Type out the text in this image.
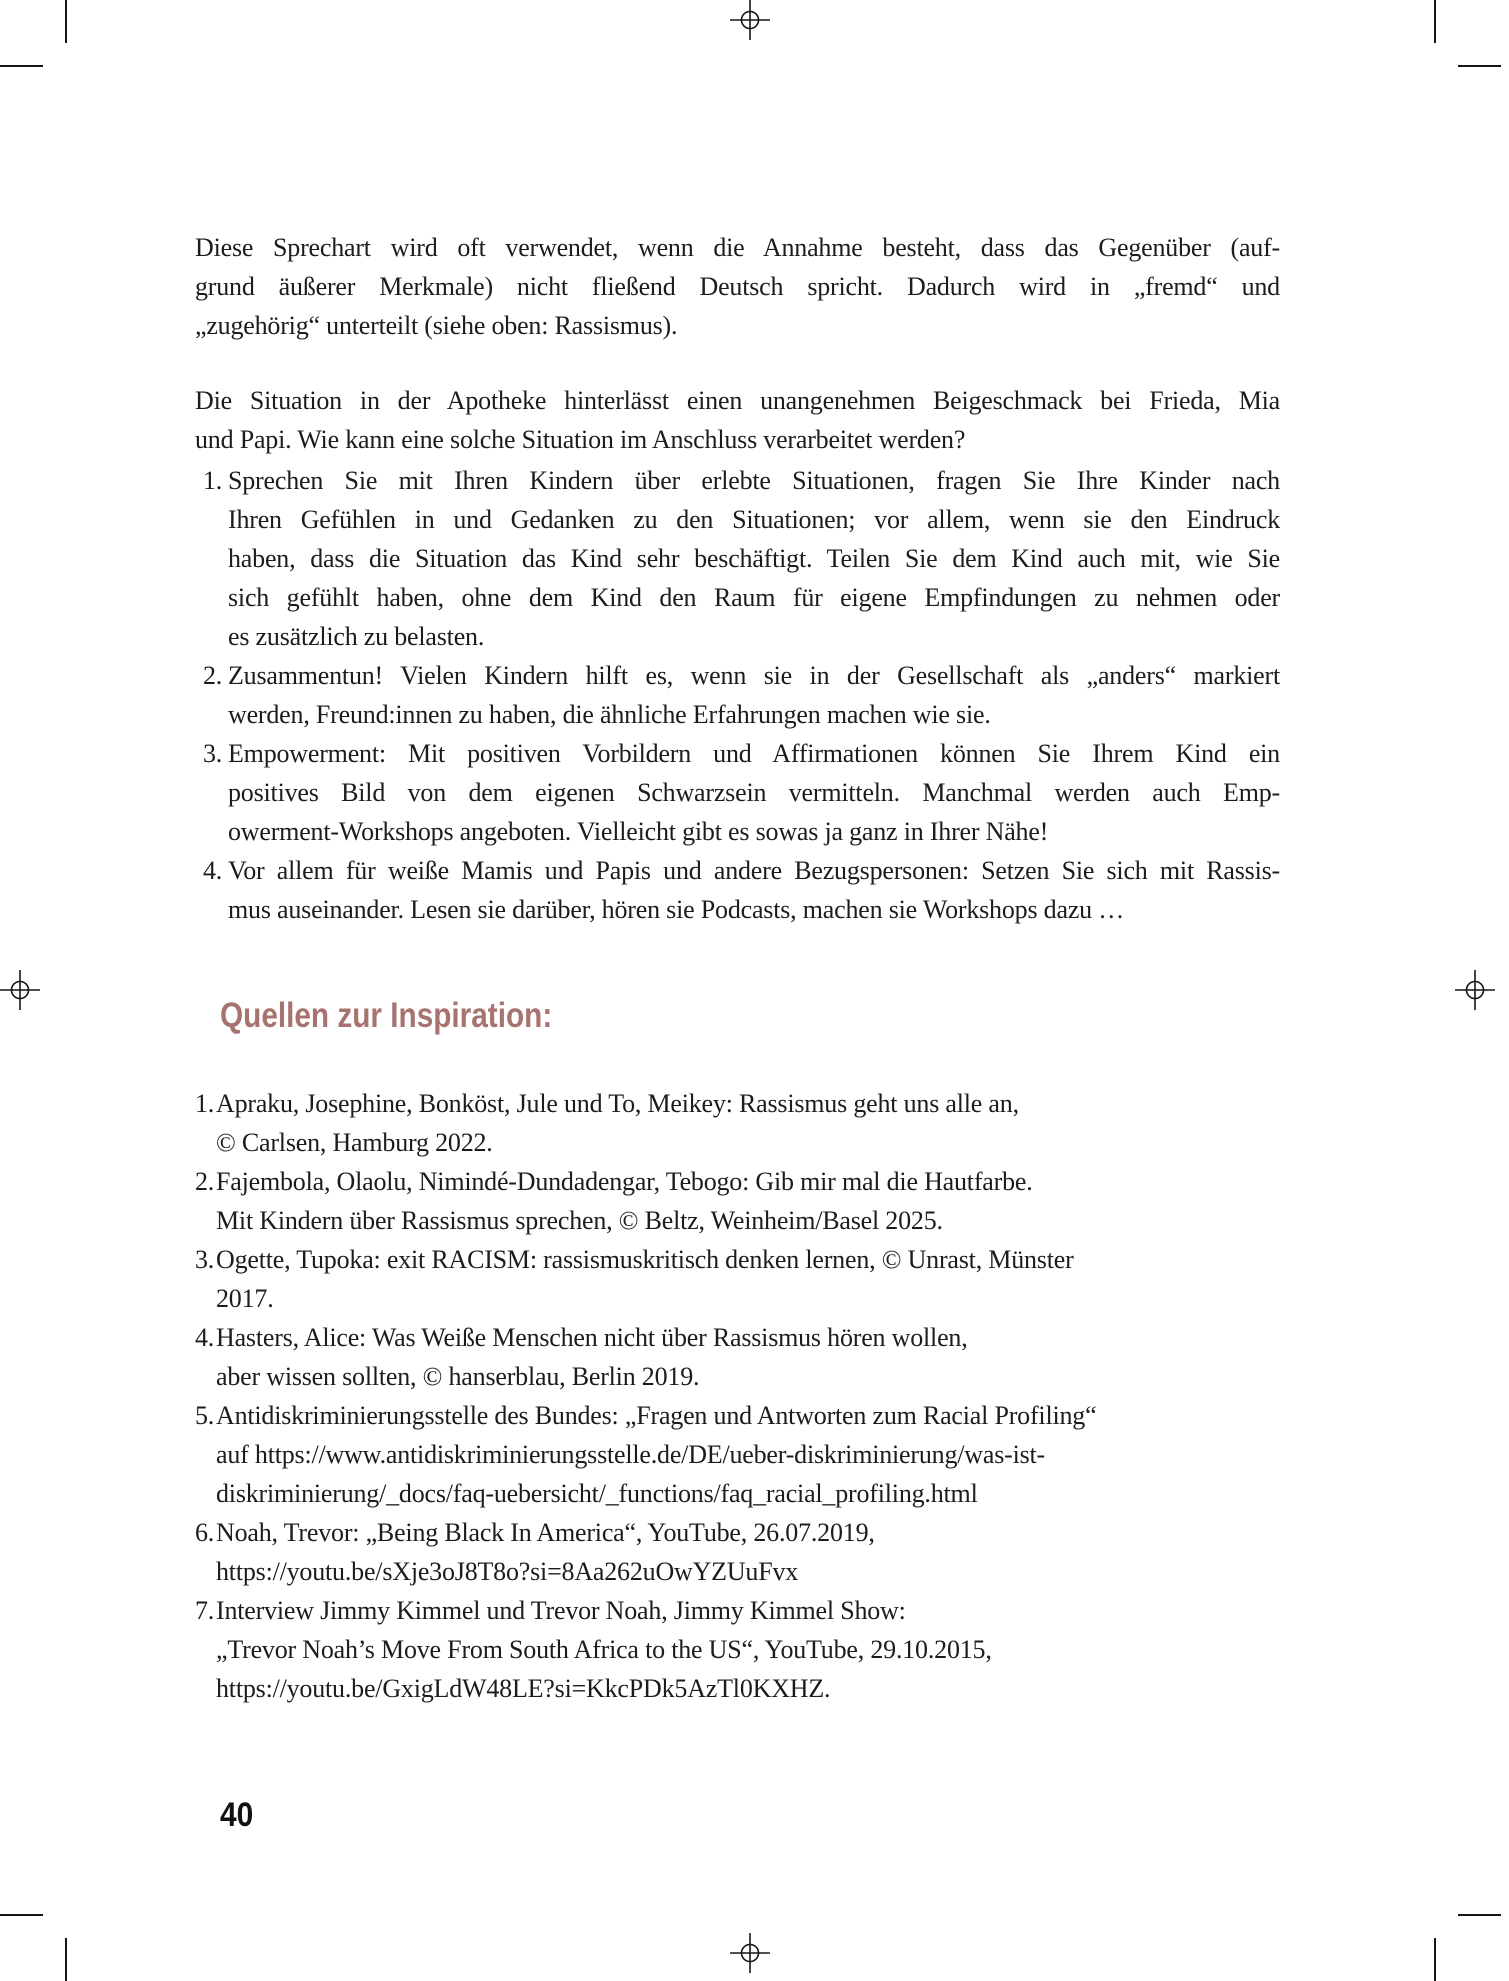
Diese Sprechart wird oft verwendet, wenn die Annahme besteht, dass das Gegenüber (auf-
grund äußerer Merkmale) nicht fließend Deutsch spricht. Dadurch wird in „fremd“ und
„zugehörig“ unterteilt (siehe oben: Rassismus).
Die Situation in der Apotheke hinterlässt einen unangenehmen Beigeschmack bei Frieda, Mia
und Papi. Wie kann eine solche Situation im Anschluss verarbeitet werden?
1. Sprechen Sie mit Ihren Kindern über erlebte Situationen, fragen Sie Ihre Kinder nach
Ihren Gefühlen in und Gedanken zu den Situationen; vor allem, wenn sie den Eindruck
haben, dass die Situation das Kind sehr beschäftigt. Teilen Sie dem Kind auch mit, wie Sie
sich gefühlt haben, ohne dem Kind den Raum für eigene Empfindungen zu nehmen oder
es zusätzlich zu belasten.
2. Zusammentun! Vielen Kindern hilft es, wenn sie in der Gesellschaft als „anders“ markiert
werden, Freund:innen zu haben, die ähnliche Erfahrungen machen wie sie.
3. Empowerment: Mit positiven Vorbildern und Affirmationen können Sie Ihrem Kind ein
positives Bild von dem eigenen Schwarzsein vermitteln. Manchmal werden auch Emp-
owerment-Workshops angeboten. Vielleicht gibt es sowas ja ganz in Ihrer Nähe!
4. Vor allem für weiße Mamis und Papis und andere Bezugspersonen: Setzen Sie sich mit Rassis-
mus auseinander. Lesen sie darüber, hören sie Podcasts, machen sie Workshops dazu …
Quellen zur Inspiration:
1. Apraku, Josephine, Bonköst, Jule und To, Meikey: Rassismus geht uns alle an,
© Carlsen, Hamburg 2022.
2. Fajembola, Olaolu, Nimindé-Dundadengar, Tebogo: Gib mir mal die Hautfarbe.
Mit Kindern über Rassismus sprechen, © Beltz, Weinheim/Basel 2025.
3. Ogette, Tupoka: exit RACISM: rassismuskritisch denken lernen, © Unrast, Münster
2017.
4. Hasters, Alice: Was Weiße Menschen nicht über Rassismus hören wollen,
aber wissen sollten, © hanserblau, Berlin 2019.
5. Antidiskriminierungsstelle des Bundes: „Fragen und Antworten zum Racial Profiling“
auf https://www.antidiskriminierungsstelle.de/DE/ueber-diskriminierung/was-ist-
diskriminierung/_docs/faq-uebersicht/_functions/faq_racial_profiling.html
6. Noah, Trevor: „Being Black In America“, YouTube, 26.07.2019,
https://youtu.be/sXje3oJ8T8o?si=8Aa262uOwYZUuFvx
7. Interview Jimmy Kimmel und Trevor Noah, Jimmy Kimmel Show:
„Trevor Noah’s Move From South Africa to the US“, YouTube, 29.10.2015,
https://youtu.be/GxigLdW48LE?si=KkcPDk5AzTl0KXHZ.
40
